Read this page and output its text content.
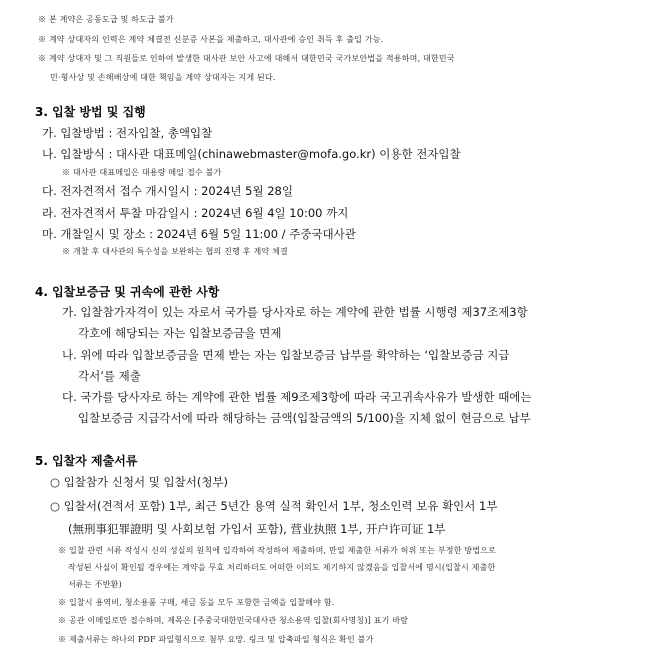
※ 본 계약은 공동도급 및 하도급 불가
※ 계약 상대자의 인력은 계약 체결전 신분증 사본을 제출하고, 대사관에 승인 취득 후 출입 가능.
※ 계약 상대자 및 그 직원들로 인하여 발생한 대사관 보안 사고에 대해서 대한민국 국가보안법을 적용하며, 대한민국
민·형사상 및 손해배상에 대한 책임을 계약 상대자는 지게 된다.
3. 입찰 방법 및 집행
가. 입찰방법 : 전자입찰, 총액입찰
나. 입찰방식 : 대사관 대표메일(chinawebmaster@mofa.go.kr) 이용한 전자입찰
※ 대사관 대표메일은 대용량 메일 접수 불가
다. 전자견적서 접수 개시일시 : 2024년 5월 28일
라. 전자견적서 투찰 마감일시 : 2024년 6월 4일 10:00 까지
마. 개찰일시 및 장소 : 2024년 6월 5일 11:00 / 주중국대사관
※ 개찰 후 대사관의 특수성을 보완하는 협의 진행 후 계약 체결
4. 입찰보증금 및 귀속에 관한 사항
가. 입찰참가자격이 있는 자로서 국가를 당사자로 하는 계약에 관한 법률 시행령 제37조제3항
각호에 해당되는 자는 입찰보증금을 면제
나. 위에 따라 입찰보증금을 면제 받는 자는 입찰보증금 납부를 확약하는 ‘입찰보증금 지급
각서’를 제출
다. 국가를 당사자로 하는 계약에 관한 법률 제9조제3항에 따라 국고귀속사유가 발생한 때에는
입찰보증금 지급각서에 따라 해당하는 금액(입찰금액의 5/100)을 지체 없이 현금으로 납부
5. 입찰자 제출서류
○ 입찰참가 신청서 및 입찰서(청부)
○ 입찰서(견적서 포함) 1부, 최근 5년간 용역 실적 확인서 1부, 청소인력 보유 확인서 1부
(無刑事犯罪證明 및 사회보험 가입서 포함), 营业执照 1부, 开户许可证 1부
※ 입찰 관련 서류 작성시 신의 성실의 원칙에 입각하여 작성하여 제출하며, 만일 제출한 서류가 허위 또는 부정한 방법으로
작성된 사실이 확인될 경우에는 계약을 무효 처리하더도 어떠한 이의도 제기하지 않겠음을 입찰서에 명시(입찰시 제출한
서류는 不반환)
※ 입찰시 용역비, 청소용품 구매, 세금 등을 모두 포함한 금액을 입찰해야 함.
※ 공관 이메일로만 접수하며, 제목은 [주중국대한민국대사관 청소용역 입찰(회사명칭)] 표기 바람
※ 제출서류는 하나의 PDF 파일형식으로 첨부 요망. 링크 및 압축파일 형식은 확인 불가
